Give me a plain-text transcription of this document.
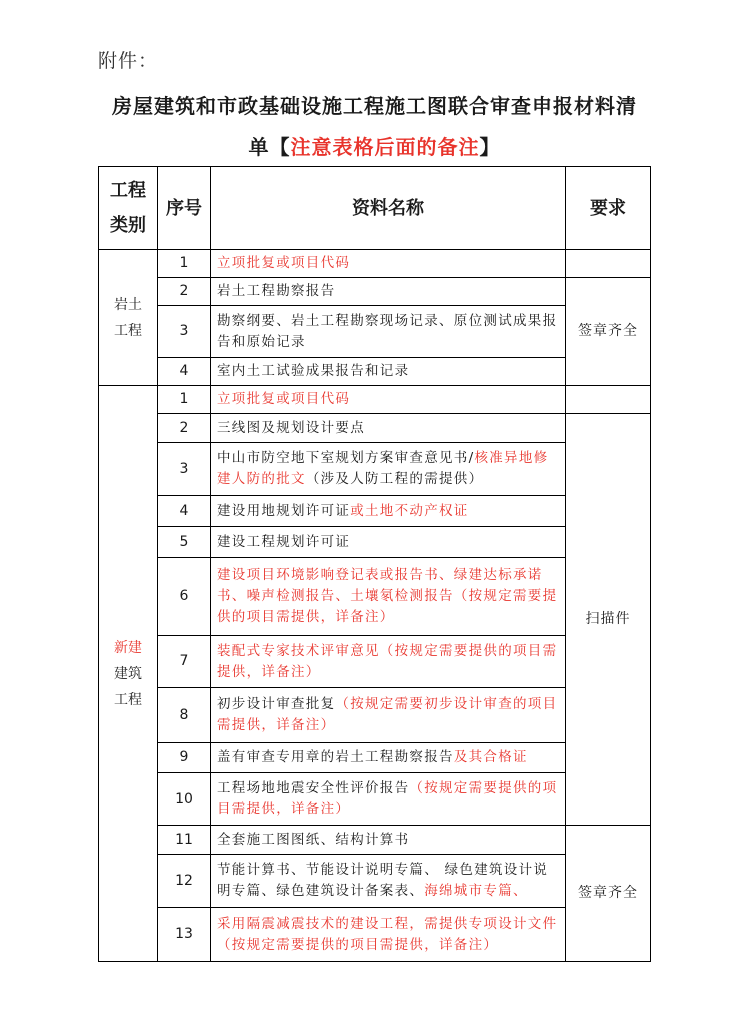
附件：
房屋建筑和市政基础设施工程施工图联合审查申报材料清
单【注意表格后面的备注】
工程
类别	序号	资料名称	要求
岩土
工程	1	立项批复或项目代码	
	2	岩土工程勘察报告	签章齐全
	3	勘察纲要、岩土工程勘察现场记录、原位测试成果报告和原始记录	
	4	室内土工试验成果报告和记录	
新建
建筑
工程	1	立项批复或项目代码	
	2	三线图及规划设计要点	扫描件
	3	中山市防空地下室规划方案审查意见书/核准异地修建人防的批文（涉及人防工程的需提供）	
	4	建设用地规划许可证或土地不动产权证	
	5	建设工程规划许可证	
	6	建设项目环境影响登记表或报告书、绿建达标承诺书、噪声检测报告、土壤氡检测报告（按规定需要提供的项目需提供，详备注）	
	7	装配式专家技术评审意见（按规定需要提供的项目需提供，详备注）	
	8	初步设计审查批复（按规定需要初步设计审查的项目需提供，详备注）	
	9	盖有审查专用章的岩土工程勘察报告及其合格证	
	10	工程场地地震安全性评价报告（按规定需要提供的项目需提供，详备注）	
	11	全套施工图图纸、结构计算书	签章齐全
	12	节能计算书、节能设计说明专篇、 绿色建筑设计说明专篇、绿色建筑设计备案表、海绵城市专篇、	
	13	采用隔震减震技术的建设工程，需提供专项设计文件（按规定需要提供的项目需提供，详备注）	
